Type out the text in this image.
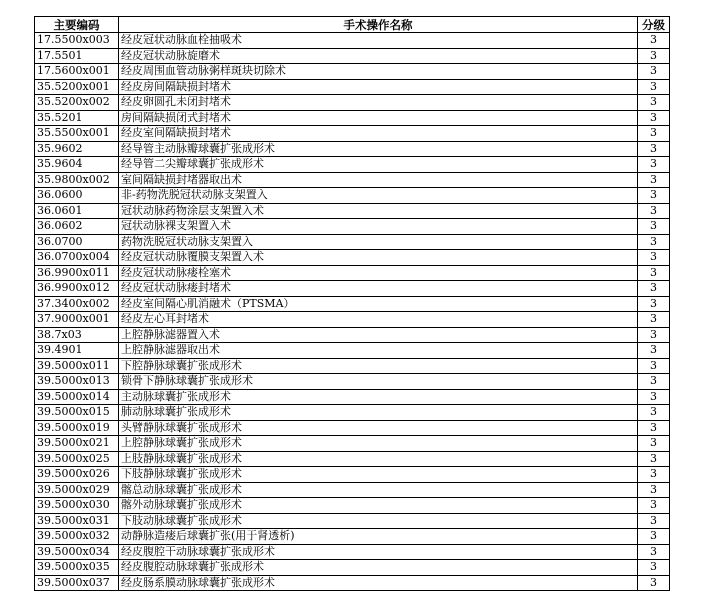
主要编码	手术操作名称	分级
17.5500x003	经皮冠状动脉血栓抽吸术	3
17.5501	经皮冠状动脉旋磨术	3
17.5600x001	经皮周围血管动脉粥样斑块切除术	3
35.5200x001	经皮房间隔缺损封堵术	3
35.5200x002	经皮卵圆孔未闭封堵术	3
35.5201	房间隔缺损闭式封堵术	3
35.5500x001	经皮室间隔缺损封堵术	3
35.9602	经导管主动脉瓣球囊扩张成形术	3
35.9604	经导管二尖瓣球囊扩张成形术	3
35.9800x002	室间隔缺损封堵器取出术	3
36.0600	非-药物洗脱冠状动脉支架置入	3
36.0601	冠状动脉药物涂层支架置入术	3
36.0602	冠状动脉裸支架置入术	3
36.0700	药物洗脱冠状动脉支架置入	3
36.0700x004	经皮冠状动脉覆膜支架置入术	3
36.9900x011	经皮冠状动脉瘘栓塞术	3
36.9900x012	经皮冠状动脉瘘封堵术	3
37.3400x002	经皮室间隔心肌消融术（PTSMA）	3
37.9000x001	经皮左心耳封堵术	3
38.7x03	上腔静脉滤器置入术	3
39.4901	上腔静脉滤器取出术	3
39.5000x011	下腔静脉球囊扩张成形术	3
39.5000x013	锁骨下静脉球囊扩张成形术	3
39.5000x014	主动脉球囊扩张成形术	3
39.5000x015	肺动脉球囊扩张成形术	3
39.5000x019	头臂静脉球囊扩张成形术	3
39.5000x021	上腔静脉球囊扩张成形术	3
39.5000x025	上肢静脉球囊扩张成形术	3
39.5000x026	下肢静脉球囊扩张成形术	3
39.5000x029	髂总动脉球囊扩张成形术	3
39.5000x030	髂外动脉球囊扩张成形术	3
39.5000x031	下肢动脉球囊扩张成形术	3
39.5000x032	动静脉造瘘后球囊扩张(用于肾透析)	3
39.5000x034	经皮腹腔干动脉球囊扩张成形术	3
39.5000x035	经皮腹腔动脉球囊扩张成形术	3
39.5000x037	经皮肠系膜动脉球囊扩张成形术	3
